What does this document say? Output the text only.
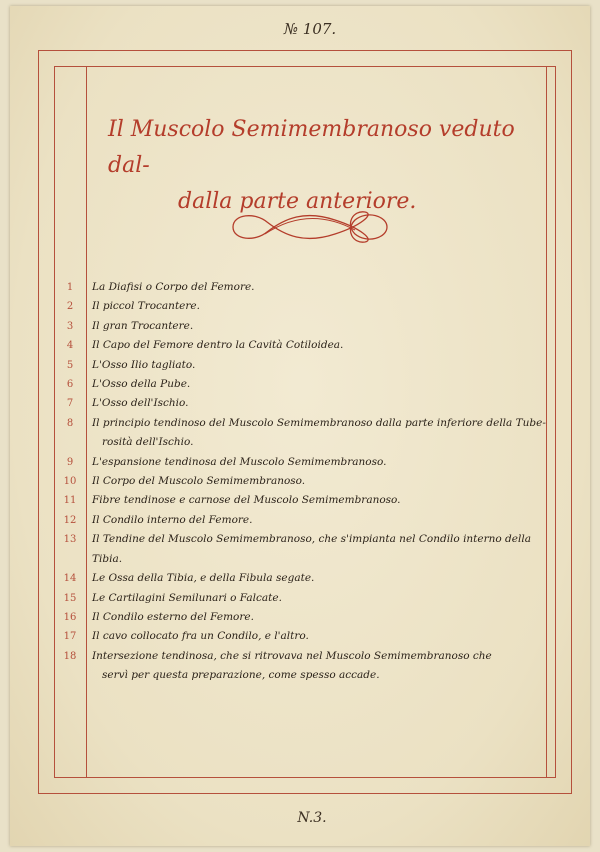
№ 107.
Il Muscolo Semimembranoso veduto dal-
dalla parte anteriore.
1	La Diafisi o Corpo del Femore.
2	Il piccol Trocantere.
3	Il gran Trocantere.
4	Il Capo del Femore dentro la Cavità Cotiloidea.
5	L'Osso Ilio tagliato.
6	L'Osso della Pube.
7	L'Osso dell'Ischio.
8	Il principio tendinoso del Muscolo Semimembranoso dalla parte inferiore della Tube-
rosità dell'Ischio.
9	L'espansione tendinosa del Muscolo Semimembranoso.
10	Il Corpo del Muscolo Semimembranoso.
11	Fibre tendinose e carnose del Muscolo Semimembranoso.
12	Il Condilo interno del Femore.
13	Il Tendine del Muscolo Semimembranoso, che s'impianta nel Condilo interno della Tibia.
14	Le Ossa della Tibia, e della Fibula segate.
15	Le Cartilagini Semilunari o Falcate.
16	Il Condilo esterno del Femore.
17	Il cavo collocato fra un Condilo, e l'altro.
18	Intersezione tendinosa, che si ritrovava nel Muscolo Semimembranoso che
servì per questa preparazione, come spesso accade.
N.3.
